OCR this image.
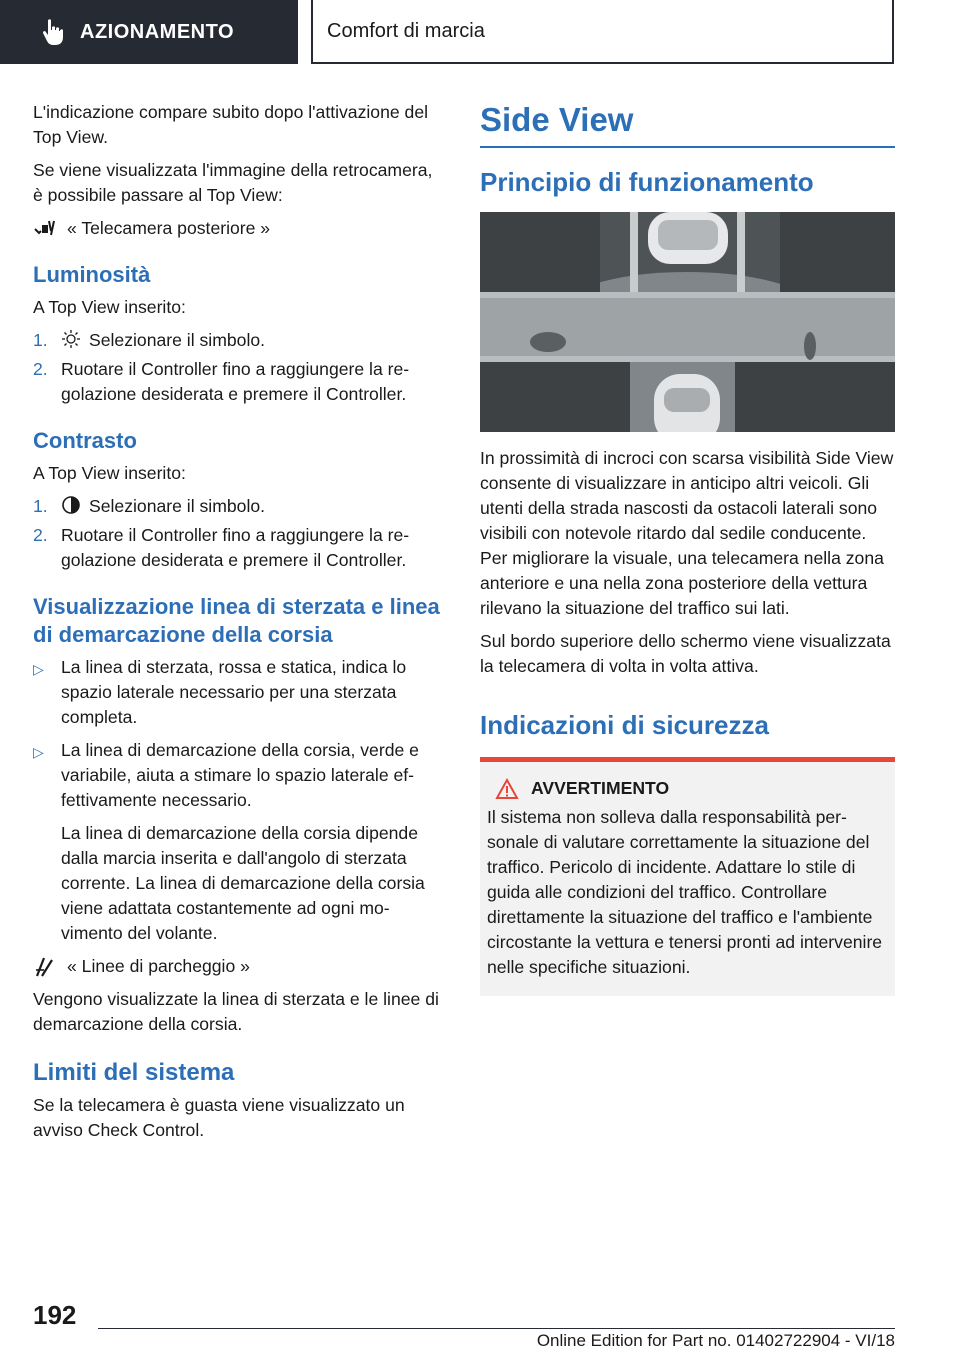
AZIONAMENTO	Comfort di marcia

L'indicazione compare subito dopo l'attivazione del Top View.

Se viene visualizzata l'immagine della retrocamera, è possibile passare al Top View:

« Telecamera posteriore »
Luminosità

A Top View inserito:

1.	Selezionare il simbolo.
2. Ruotare il Controller fino a raggiungere la regolazione desiderata e premere il Controller.
Contrasto

A Top View inserito:

1.	Selezionare il simbolo.
2. Ruotare il Controller fino a raggiungere la regolazione desiderata e premere il Controller.
Visualizzazione linea di sterzata e linea di demarcazione della corsia
▷ La linea di sterzata, rossa e statica, indica lo spazio laterale necessario per una sterzata completa.
▷ La linea di demarcazione della corsia, verde e variabile, aiuta a stimare lo spazio laterale effettivamente necessario.

La linea di demarcazione della corsia dipende dalla marcia inserita e dall'angolo di sterzata corrente. La linea di demarcazione della corsia viene adattata costantemente ad ogni movimento del volante.

« Linee di parcheggio »

Vengono visualizzate la linea di sterzata e le linee di demarcazione della corsia.

Limiti del sistema

Se la telecamera è guasta viene visualizzato un avviso Check Control.

Side View
Principio di funzionamento

In prossimità di incroci con scarsa visibilità Side View consente di visualizzare in anticipo altri veicoli. Gli utenti della strada nascosti da ostacoli laterali sono visibili con notevole ritardo dal sedile conducente. Per migliorare la visuale, una telecamera nella zona anteriore e una nella zona posteriore della vettura rilevano la situazione del traffico sui lati.

Sul bordo superiore dello schermo viene visualizzata la telecamera di volta in volta attiva.

Indicazioni di sicurezza
AVVERTIMENTO
Il sistema non solleva dalla responsabilità personale di valutare correttamente la situazione del traffico. Pericolo di incidente. Adattare lo stile di guida alle condizioni del traffico. Controllare direttamente la situazione del traffico e l'ambiente circostante la vettura e tenersi pronti ad intervenire nelle specifiche situazioni.
192
Online Edition for Part no. 01402722904 - VI/18
